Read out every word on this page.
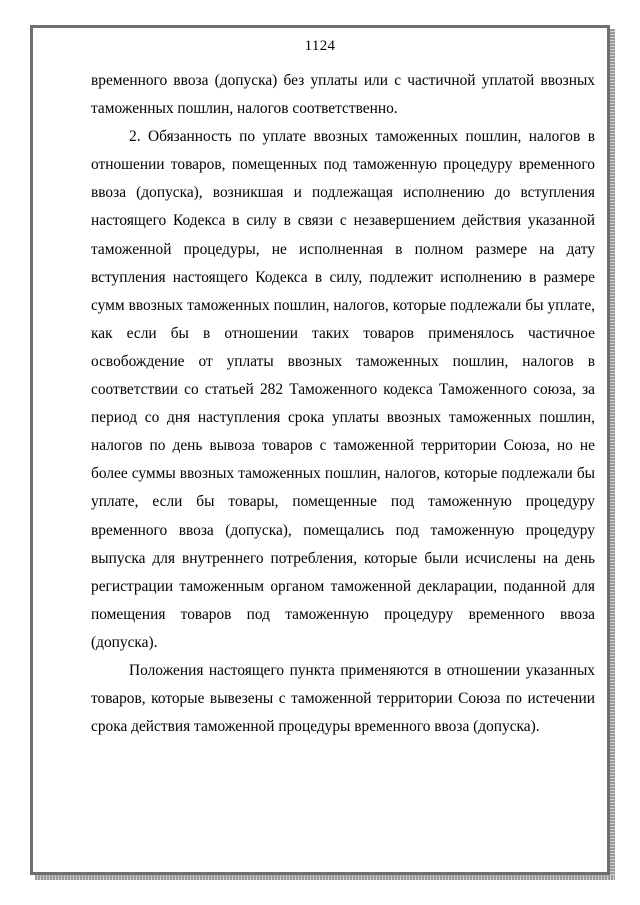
1124

временного ввоза (допуска) без уплаты или с частичной уплатой ввозных таможенных пошлин, налогов соответственно.

2. Обязанность по уплате ввозных таможенных пошлин, налогов в отношении товаров, помещенных под таможенную процедуру временного ввоза (допуска), возникшая и подлежащая исполнению до вступления настоящего Кодекса в силу в связи с незавершением действия указанной таможенной процедуры, не исполненная в полном размере на дату вступления настоящего Кодекса в силу, подлежит исполнению в размере сумм ввозных таможенных пошлин, налогов, которые подлежали бы уплате, как если бы в отношении таких товаров применялось частичное освобождение от уплаты ввозных таможенных пошлин, налогов в соответствии со статьей 282 Таможенного кодекса Таможенного союза, за период со дня наступления срока уплаты ввозных таможенных пошлин, налогов по день вывоза товаров с таможенной территории Союза, но не более суммы ввозных таможенных пошлин, налогов, которые подлежали бы уплате, если бы товары, помещенные под таможенную процедуру временного ввоза (допуска), помещались под таможенную процедуру выпуска для внутреннего потребления, которые были исчислены на день регистрации таможенным органом таможенной декларации, поданной для помещения товаров под таможенную процедуру временного ввоза (допуска).

Положения настоящего пункта применяются в отношении указанных товаров, которые вывезены с таможенной территории Союза по истечении срока действия таможенной процедуры временного ввоза (допуска).
